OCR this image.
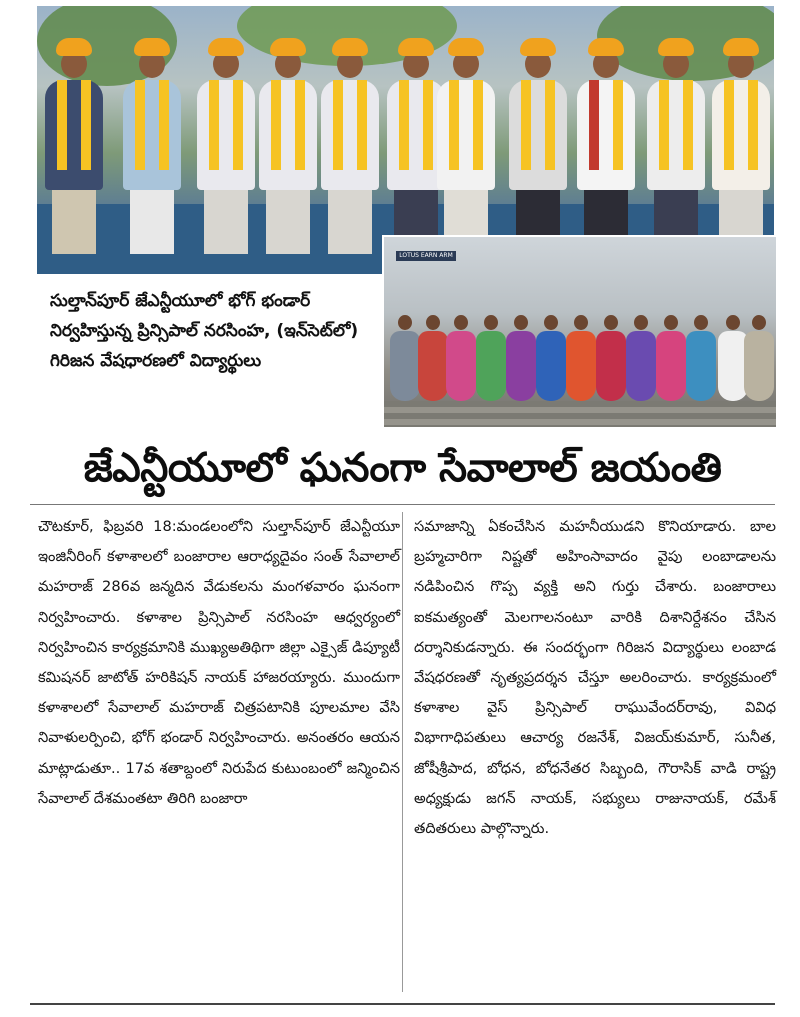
LOTUS EARN ARM
సుల్తాన్‌పూర్ జేఎన్టీయూలో భోగ్ భండార్ నిర్వహిస్తున్న ప్రిన్సిపాల్ నరసింహ, (ఇన్‌సెట్‌లో) గిరిజన వేషధారణలో విద్యార్థులు
జేఎన్టీయూలో ఘనంగా సేవాలాల్ జయంతి

చౌటకూర్, ఫిబ్రవరి 18:మండలంలోని సుల్తాన్‌పూర్ జేఎన్టీయూ ఇంజినీరింగ్ కళాశాలలో బంజారాల ఆరాధ్యదైవం సంత్ సేవాలాల్ మహరాజ్ 286వ జన్మదిన వేడుకలను మంగళవారం ఘనంగా నిర్వహించారు. కళాశాల ప్రిన్సిపాల్ నరసింహ ఆధ్వర్యంలో నిర్వహించిన కార్యక్రమానికి ముఖ్యఅతిథిగా జిల్లా ఎక్సైజ్ డిప్యూటీ కమిషనర్ జాటోత్ హరికిషన్ నాయక్ హాజరయ్యారు. ముందుగా కళాశాలలో సేవాలాల్ మహరాజ్ చిత్రపటానికి పూలమాల వేసి నివాళులర్పించి, భోగ్ భండార్ నిర్వహించారు. అనంతరం ఆయన మాట్లాడుతూ.. 17వ శతాబ్దంలో నిరుపేద కుటుంబంలో జన్మించిన సేవాలాల్ దేశమంతటా తిరిగి బంజారా

సమాజాన్ని ఏకంచేసిన మహనీయుడని కొనియాడారు. బాల బ్రహ్మచారిగా నిష్టతో అహింసావాదం వైపు లంబాడాలను నడిపించిన గొప్ప వ్యక్తి అని గుర్తు చేశారు. బంజారాలు ఐకమత్యంతో మెలగాలనంటూ వారికి దిశానిర్దేశనం చేసిన దర్శానికుడన్నారు. ఈ సందర్భంగా గిరిజన విద్యార్థులు లంబాడ వేషధరణతో నృత్యప్రదర్శన చేస్తూ అలరించారు. కార్యక్రమంలో కళాశాల వైస్ ప్రిన్సిపాల్ రాఘువేందర్‌రావు, వివిధ విభాగాధిపతులు ఆచార్య రజనేశ్, విజయ్‌కుమార్, సునీత, జోషీశ్రీపాద, బోధన, బోధనేతర సిబ్బంది, గౌరాసిక్ వాడి రాష్ట్ర అధ్యక్షుడు జగన్ నాయక్, సభ్యులు రాజునాయక్, రమేశ్ తదితరులు పాల్గొన్నారు.
